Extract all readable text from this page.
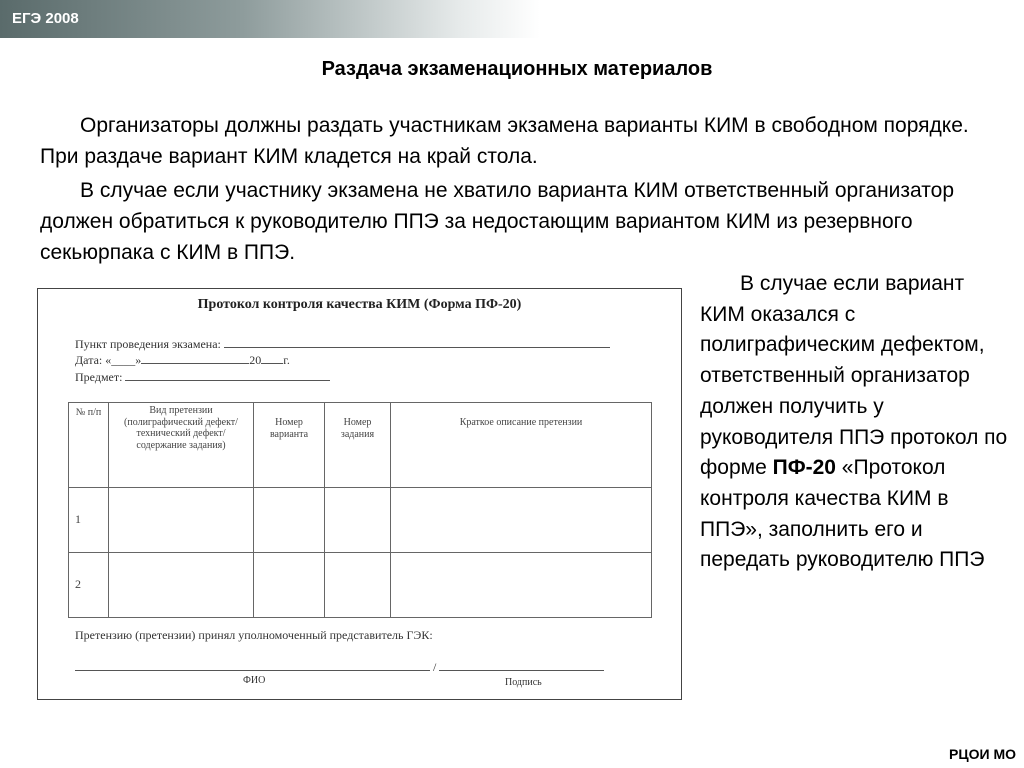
ЕГЭ 2008
Раздача экзаменационных материалов
Организаторы должны раздать участникам экзамена варианты КИМ в свободном порядке. При раздаче вариант КИМ кладется на край стола.
В случае если участнику экзамена не хватило варианта КИМ ответственный организатор должен обратиться к руководителю ППЭ за недостающим вариантом КИМ из резервного секьюрпака с КИМ в ППЭ.
Протокол контроля качества КИМ (Форма ПФ-20)
Пункт проведения экзамена:
Дата: «____»	20 г.
Предмет:
№ п/п	Вид претензии (полиграфический дефект/ технический дефект/ содержание задания)	Номер варианта	Номер задания	Краткое описание претензии
1				
2				
Претензию (претензии) принял уполномоченный представитель ГЭК:
/
ФИО	Подпись
В случае если вариант КИМ оказался с полиграфическим дефектом, ответственный организатор должен получить у руководителя ППЭ протокол по форме ПФ-20 «Протокол контроля качества КИМ в ППЭ», заполнить его и передать руководителю ППЭ
РЦОИ МО
